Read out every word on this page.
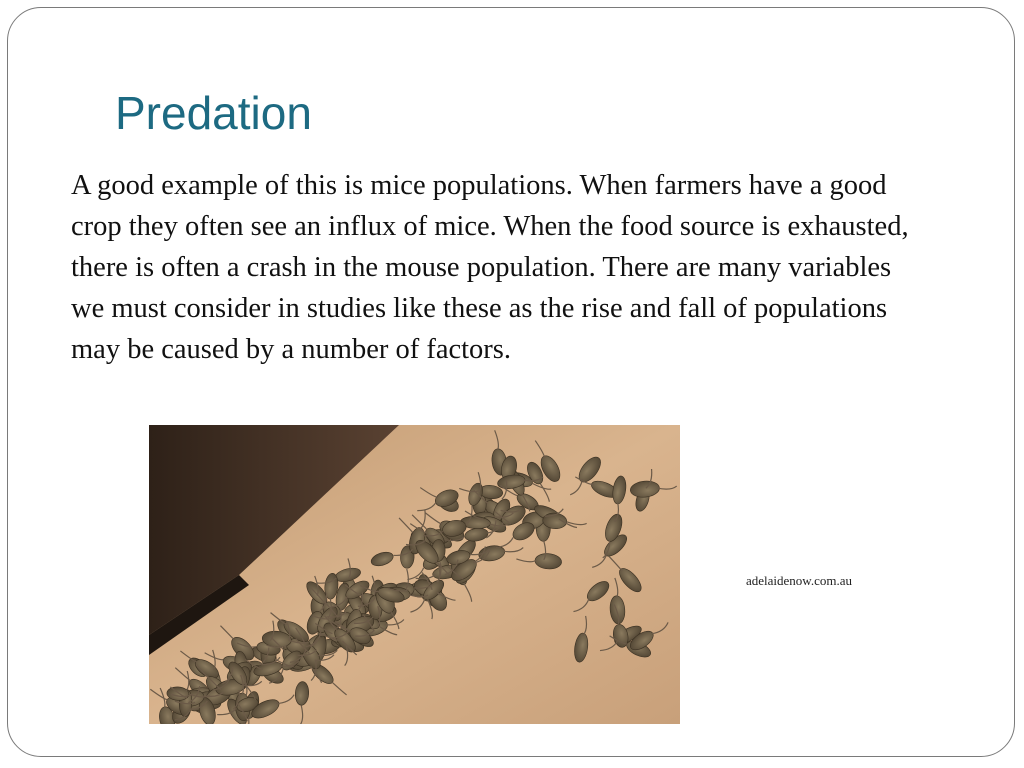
Predation

A good example of this is mice populations. When farmers have a good crop they often see an influx of mice. When the food source is exhausted, there is often a crash in the mouse population. There are many variables we must consider in studies like these as the rise and fall of populations may be caused by a number of factors.

adelaidenow.com.au
